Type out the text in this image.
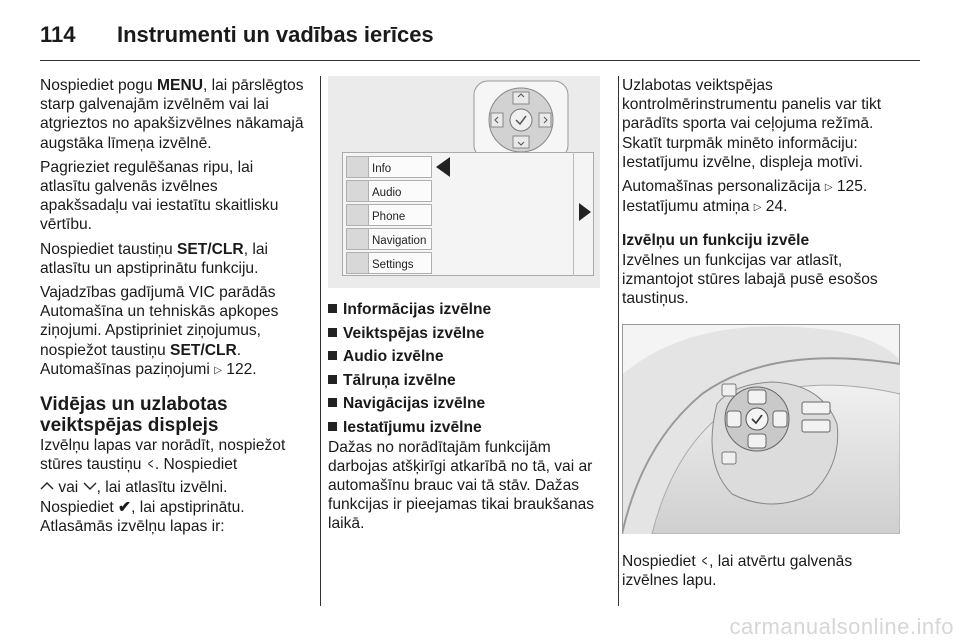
114 Instrumenti un vadības ierīces

Nospiediet pogu MENU, lai pārslēgtos starp galvenajām izvēlnēm vai lai atgrieztos no apakšizvēlnes nākamajā augstāka līmeņa izvēlnē.

Pagrieziet regulēšanas ripu, lai atlasītu galvenās izvēlnes apakšsadaļu vai iestatītu skaitlisku vērtību.

Nospiediet taustiņu SET/CLR, lai atlasītu un apstiprinātu funkciju.

Vajadzības gadījumā VIC parādās Automašīna un tehniskās apkopes ziņojumi. Apstipriniet ziņojumus, nospiežot taustiņu SET/CLR.

Automašīnas paziņojumi ▷ 122.

Vidējas un uzlabotas veiktspējas displejs

Izvēlņu lapas var norādīt, nospiežot stūres taustiņu < . Nospiediet

vai , lai atlasītu izvēlni.

Nospiediet ✔, lai apstiprinātu.

Atlasāmās izvēlņu lapas ir:

Info
Audio
Phone
Navigation
Settings
Informācijas izvēlne
Veiktspējas izvēlne
Audio izvēlne
Tālruņa izvēlne
Navigācijas izvēlne
Iestatījumu izvēlne

Dažas no norādītajām funkcijām darbojas atšķirīgi atkarībā no tā, vai ar automašīnu brauc vai tā stāv. Dažas funkcijas ir pieejamas tikai braukšanas laikā.

Uzlabotas veiktspējas kontrolmērinstrumentu panelis var tikt parādīts sporta vai ceļojuma režīmā. Skatīt turpmāk minēto informāciju: Iestatījumu izvēlne, displeja motīvi.

Automašīnas personalizācija ▷ 125.

Iestatījumu atmiņa ▷ 24.

Izvēlņu un funkciju izvēle

Izvēlnes un funkcijas var atlasīt, izmantojot stūres labajā pusē esošos taustiņus.

Nospiediet < , lai atvērtu galvenās izvēlnes lapu.

carmanualsonline.info
